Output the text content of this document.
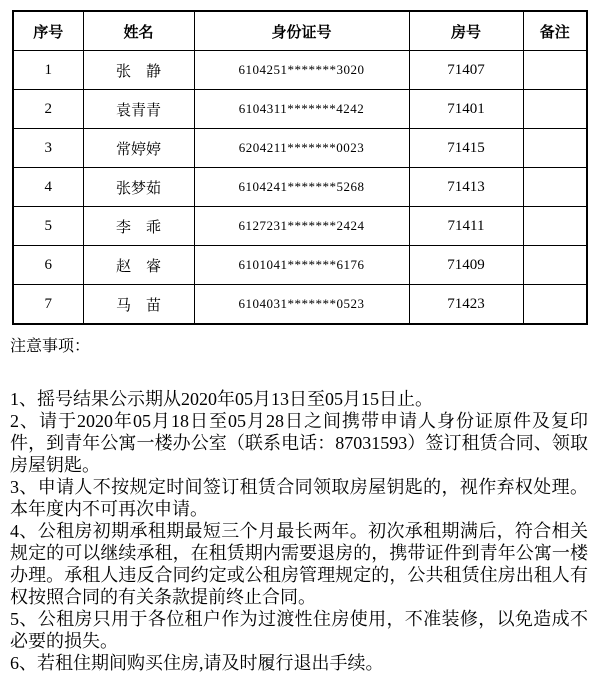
序号	姓名	身份证号	房号	备注
1	张　静	6104251*******3020	71407	
2	袁青青	6104311*******4242	71401	
3	常婷婷	6204211*******0023	71415	
4	张梦茹	6104241*******5268	71413	
5	李　乖	6127231*******2424	71411	
6	赵　睿	6101041*******6176	71409	
7	马　苗	6104031*******0523	71423	

注意事项：

1、摇号结果公示期从2020年05月13日至05月15日止。

2、请于2020年05月18日至05月28日之间携带申请人身份证原件及复印件，到青年公寓一楼办公室（联系电话：87031593）签订租赁合同、领取房屋钥匙。

3、申请人不按规定时间签订租赁合同领取房屋钥匙的，视作弃权处理。本年度内不可再次申请。

4、公租房初期承租期最短三个月最长两年。初次承租期满后，符合相关规定的可以继续承租，在租赁期内需要退房的，携带证件到青年公寓一楼办理。承租人违反合同约定或公租房管理规定的，公共租赁住房出租人有权按照合同的有关条款提前终止合同。

5、公租房只用于各位租户作为过渡性住房使用，不准装修，以免造成不必要的损失。

6、若租住期间购买住房,请及时履行退出手续。
